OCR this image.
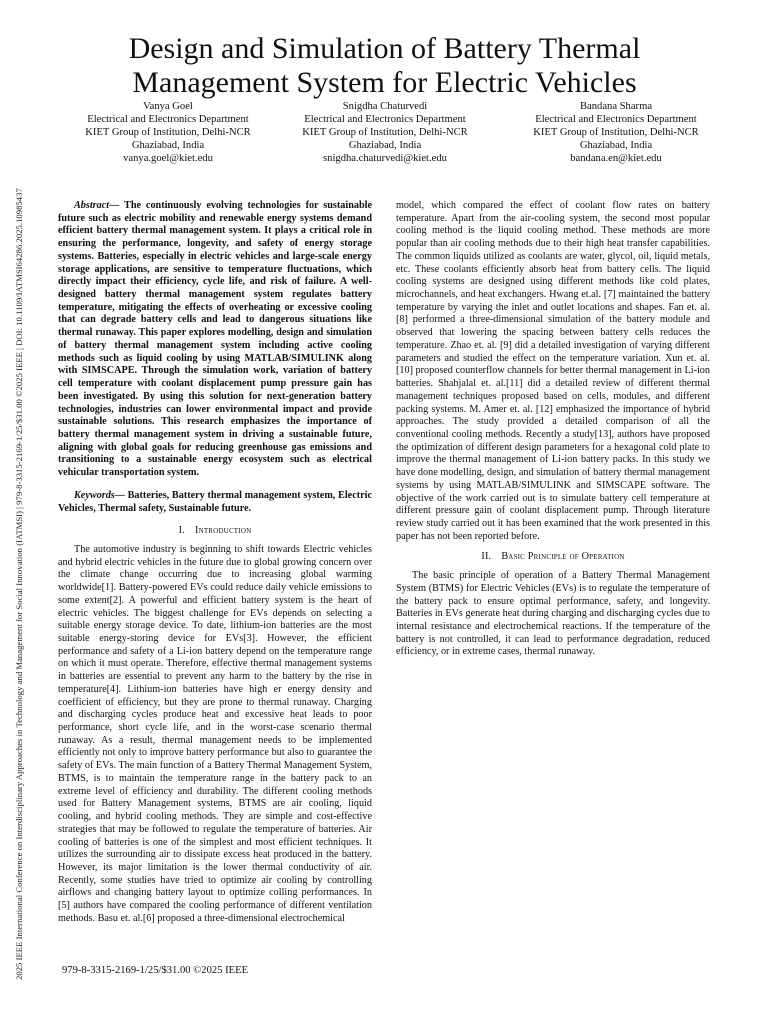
2025 IEEE International Conference on Interdisciplinary Approaches in Technology and Management for Social Innovation (IATMSI) | 979-8-3315-2169-1/25/$31.00 ©2025 IEEE | DOI: 10.1109/IATMSI64286.2025.10985437
Design and Simulation of Battery Thermal
Management System for Electric Vehicles
Vanya Goel
Electrical and Electronics Department
KIET Group of Institution, Delhi-NCR
Ghaziabad, India
vanya.goel@kiet.edu
Snigdha Chaturvedi
Electrical and Electronics Department
KIET Group of Institution, Delhi-NCR
Ghaziabad, India
snigdha.chaturvedi@kiet.edu
Bandana Sharma
Electrical and Electronics Department
KIET Group of Institution, Delhi-NCR
Ghaziabad, India
bandana.en@kiet.edu

Abstract— The continuously evolving technologies for sustainable future such as electric mobility and renewable energy systems demand efficient battery thermal management system. It plays a critical role in ensuring the performance, longevity, and safety of energy storage systems. Batteries, especially in electric vehicles and large-scale energy storage applications, are sensitive to temperature fluctuations, which directly impact their efficiency, cycle life, and risk of failure. A well-designed battery thermal management system regulates battery temperature, mitigating the effects of overheating or excessive cooling that can degrade battery cells and lead to dangerous situations like thermal runaway. This paper explores modelling, design and simulation of battery thermal management system including active cooling methods such as liquid cooling by using MATLAB/SIMULINK along with SIMSCAPE. Through the simulation work, variation of battery cell temperature with coolant displacement pump pressure gain has been investigated. By using this solution for next-generation battery technologies, industries can lower environmental impact and provide sustainable solutions. This research emphasizes the importance of battery thermal management system in driving a sustainable future, aligning with global goals for reducing greenhouse gas emissions and transitioning to a sustainable energy ecosystem such as electrical vehicular transportation system.

Keywords— Batteries, Battery thermal management system, Electric Vehicles, Thermal safety, Sustainable future.

I. Introduction

The automotive industry is beginning to shift towards Electric vehicles and hybrid electric vehicles in the future due to global growing concern over the climate change occurring due to increasing global warming worldwide[1]. Battery-powered EVs could reduce daily vehicle emissions to some extent[2]. A powerful and efficient battery system is the heart of electric vehicles. The biggest challenge for EVs depends on selecting a suitable energy storage device. To date, lithium-ion batteries are the most suitable energy-storing device for EVs[3]. However, the efficient performance and safety of a Li-ion battery depend on the temperature range on which it must operate. Therefore, effective thermal management systems in batteries are essential to prevent any harm to the battery by the rise in temperature[4]. Lithium-ion batteries have high er energy density and coefficient of efficiency, but they are prone to thermal runaway. Charging and discharging cycles produce heat and excessive heat leads to poor performance, short cycle life, and in the worst-case scenario thermal runaway. As a result, thermal management needs to be implemented efficiently not only to improve battery performance but also to guarantee the safety of EVs. The main function of a Battery Thermal Management System, BTMS, is to maintain the temperature range in the battery pack to an extreme level of efficiency and durability. The different cooling methods used for Battery Management systems, BTMS are air cooling, liquid cooling, and hybrid cooling methods. They are simple and cost-effective strategies that may be followed to regulate the temperature of batteries. Air cooling of batteries is one of the simplest and most efficient techniques. It utilizes the surrounding air to dissipate excess heat produced in the battery. However, its major limitation is the lower thermal conductivity of air. Recently, some studies have tried to optimize air cooling by controlling airflows and changing battery layout to optimize colling performances. In [5] authors have compared the cooling performance of different ventilation methods. Basu et. al.[6] proposed a three-dimensional electrochemical

model, which compared the effect of coolant flow rates on battery temperature. Apart from the air-cooling system, the second most popular cooling method is the liquid cooling method. These methods are more popular than air cooling methods due to their high heat transfer capabilities. The common liquids utilized as coolants are water, glycol, oil, liquid metals, etc. These coolants efficiently absorb heat from battery cells. The liquid cooling systems are designed using different methods like cold plates, microchannels, and heat exchangers. Hwang et.al. [7] maintained the battery temperature by varying the inlet and outlet locations and shapes. Fan et. al. [8] performed a three-dimensional simulation of the battery module and observed that lowering the spacing between battery cells reduces the temperature. Zhao et. al. [9] did a detailed investigation of varying different parameters and studied the effect on the temperature variation. Xun et. al.[10] proposed counterflow channels for better thermal management in Li-ion batteries. Shahjalal et. al.[11] did a detailed review of different thermal management techniques proposed based on cells, modules, and different packing systems. M. Amer et. al. [12] emphasized the importance of hybrid approaches. The study provided a detailed comparison of all the conventional cooling methods. Recently a study[13], authors have proposed the optimization of different design parameters for a hexagonal cold plate to improve the thermal management of Li-ion battery packs. In this study we have done modelling, design, and simulation of battery thermal management systems by using MATLAB/SIMULINK and SIMSCAPE software. The objective of the work carried out is to simulate battery cell temperature at different pressure gain of coolant displacement pump. Through literature review study carried out it has been examined that the work presented in this paper has not been reported before.

II. Basic Principle of Operation

The basic principle of operation of a Battery Thermal Management System (BTMS) for Electric Vehicles (EVs) is to regulate the temperature of the battery pack to ensure optimal performance, safety, and longevity. Batteries in EVs generate heat during charging and discharging cycles due to internal resistance and electrochemical reactions. If the temperature of the battery is not controlled, it can lead to performance degradation, reduced efficiency, or in extreme cases, thermal runaway.

979-8-3315-2169-1/25/$31.00 ©2025 IEEE
